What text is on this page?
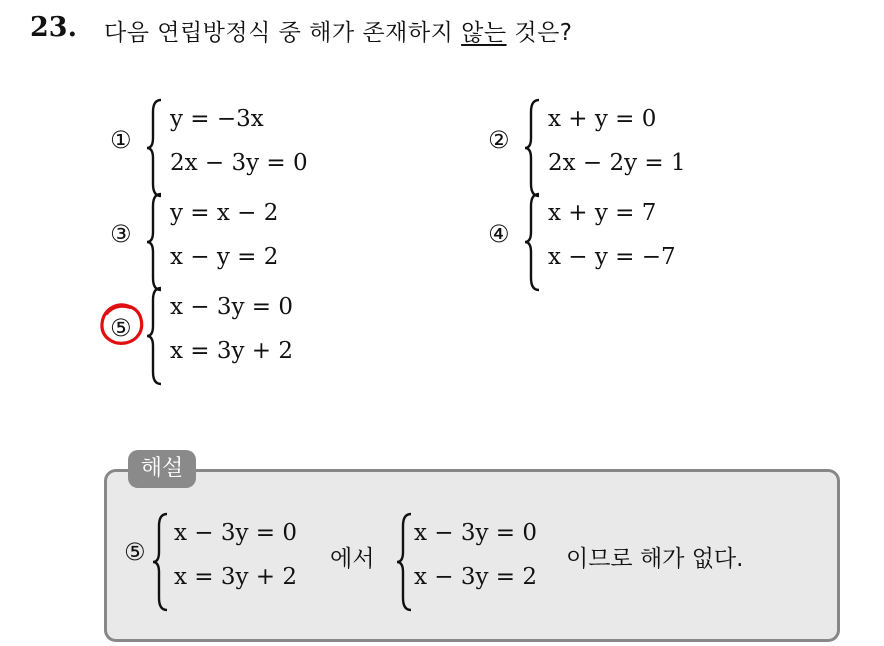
23. 다음 연립방정식 중 해가 존재하지 않는 것은?
①
y = −3x
2x − 3y = 0
②
x + y = 0
2x − 2y = 1
③
y = x − 2
x − y = 2
④
x + y = 7
x − y = −7
⑤
x − 3y = 0
x = 3y + 2
해설
⑤
x − 3y = 0
x = 3y + 2
에서
x − 3y = 0
x − 3y = 2
이므로 해가 없다.
